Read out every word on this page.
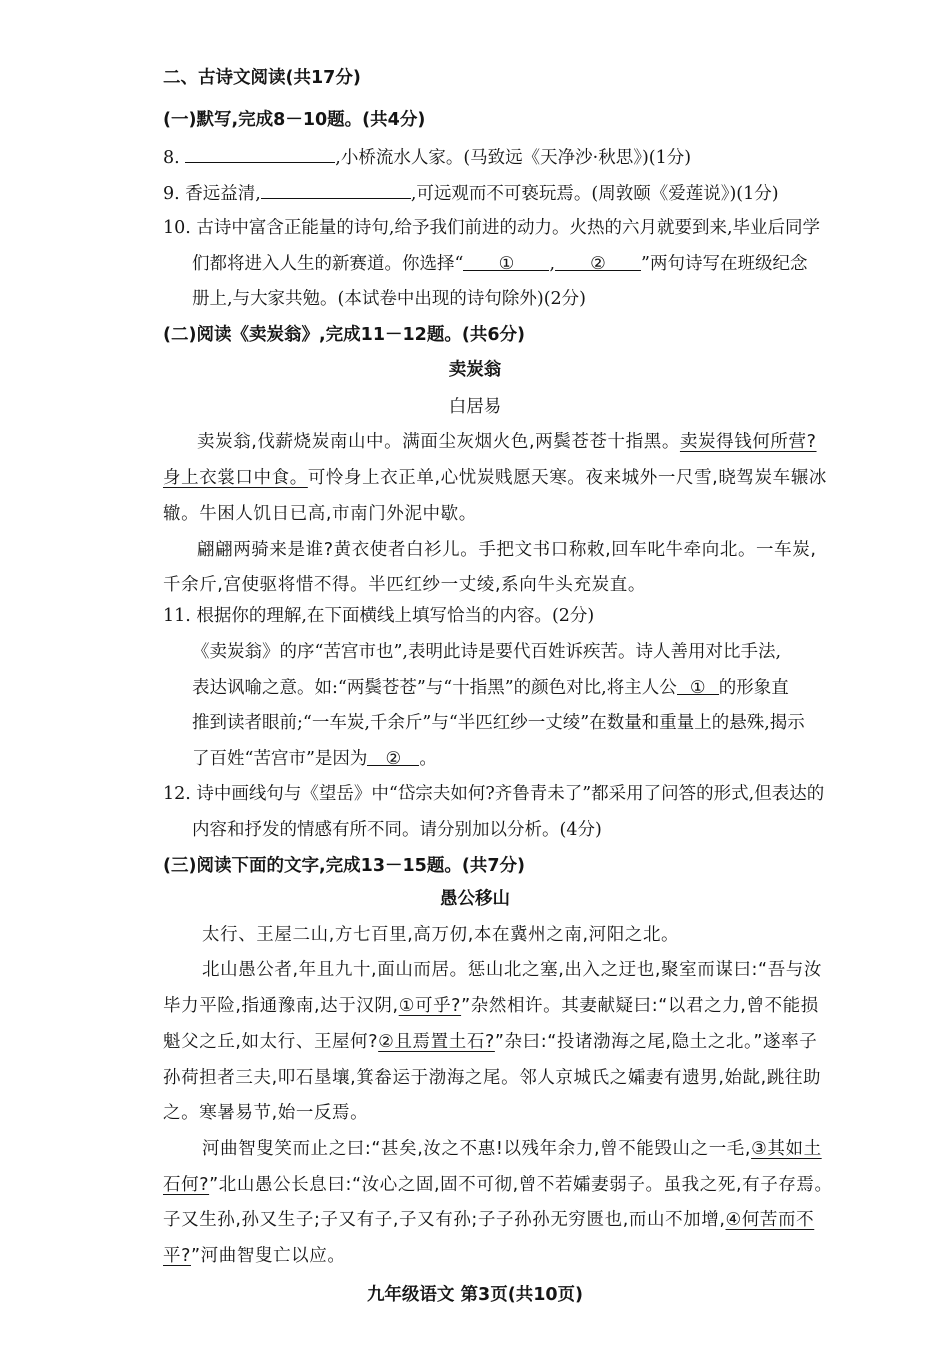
二、古诗文阅读(共17分)
(一)默写,完成8－10题。(共4分)
8.	,小桥流水人家。(马致远《天净沙·秋思》)(1分)
9. 香远益清,	,可远观而不可亵玩焉。(周敦颐《爱莲说》)(1分)
10. 古诗中富含正能量的诗句,给予我们前进的动力。火热的六月就要到来,毕业后同学
们都将进入人生的新赛道。你选择“ ① , ② ”两句诗写在班级纪念
册上,与大家共勉。(本试卷中出现的诗句除外)(2分)
(二)阅读《卖炭翁》,完成11－12题。(共6分)
卖炭翁
白居易
卖炭翁,伐薪烧炭南山中。满面尘灰烟火色,两鬓苍苍十指黑。卖炭得钱何所营?
身上衣裳口中食。可怜身上衣正单,心忧炭贱愿天寒。夜来城外一尺雪,晓驾炭车辗冰
辙。牛困人饥日已高,市南门外泥中歇。
翩翩两骑来是谁?黄衣使者白衫儿。手把文书口称敕,回车叱牛牵向北。一车炭,
千余斤,宫使驱将惜不得。半匹红纱一丈绫,系向牛头充炭直。
11. 根据你的理解,在下面横线上填写恰当的内容。(2分)
《卖炭翁》的序“苦宫市也”,表明此诗是要代百姓诉疾苦。诗人善用对比手法,
表达讽喻之意。如:“两鬓苍苍”与“十指黑”的颜色对比,将主人公 ① 的形象直
推到读者眼前;“一车炭,千余斤”与“半匹红纱一丈绫”在数量和重量上的悬殊,揭示
了百姓“苦宫市”是因为 ② 。
12. 诗中画线句与《望岳》中“岱宗夫如何?齐鲁青未了”都采用了问答的形式,但表达的
内容和抒发的情感有所不同。请分别加以分析。(4分)
(三)阅读下面的文字,完成13－15题。(共7分)
愚公移山
太行、王屋二山,方七百里,高万仞,本在冀州之南,河阳之北。
北山愚公者,年且九十,面山而居。惩山北之塞,出入之迂也,聚室而谋曰:“吾与汝
毕力平险,指通豫南,达于汉阴,①可乎?”杂然相许。其妻献疑曰:“以君之力,曾不能损
魁父之丘,如太行、王屋何?②且焉置土石?”杂曰:“投诸渤海之尾,隐土之北。”遂率子
孙荷担者三夫,叩石垦壤,箕畚运于渤海之尾。邻人京城氏之孀妻有遗男,始龀,跳往助
之。寒暑易节,始一反焉。
河曲智叟笑而止之曰:“甚矣,汝之不惠!以残年余力,曾不能毁山之一毛,③其如土
石何?”北山愚公长息曰:“汝心之固,固不可彻,曾不若孀妻弱子。虽我之死,有子存焉。
子又生孙,孙又生子;子又有子,子又有孙;子子孙孙无穷匮也,而山不加增,④何苦而不
平?”河曲智叟亡以应。
九年级语文 第3页(共10页)
